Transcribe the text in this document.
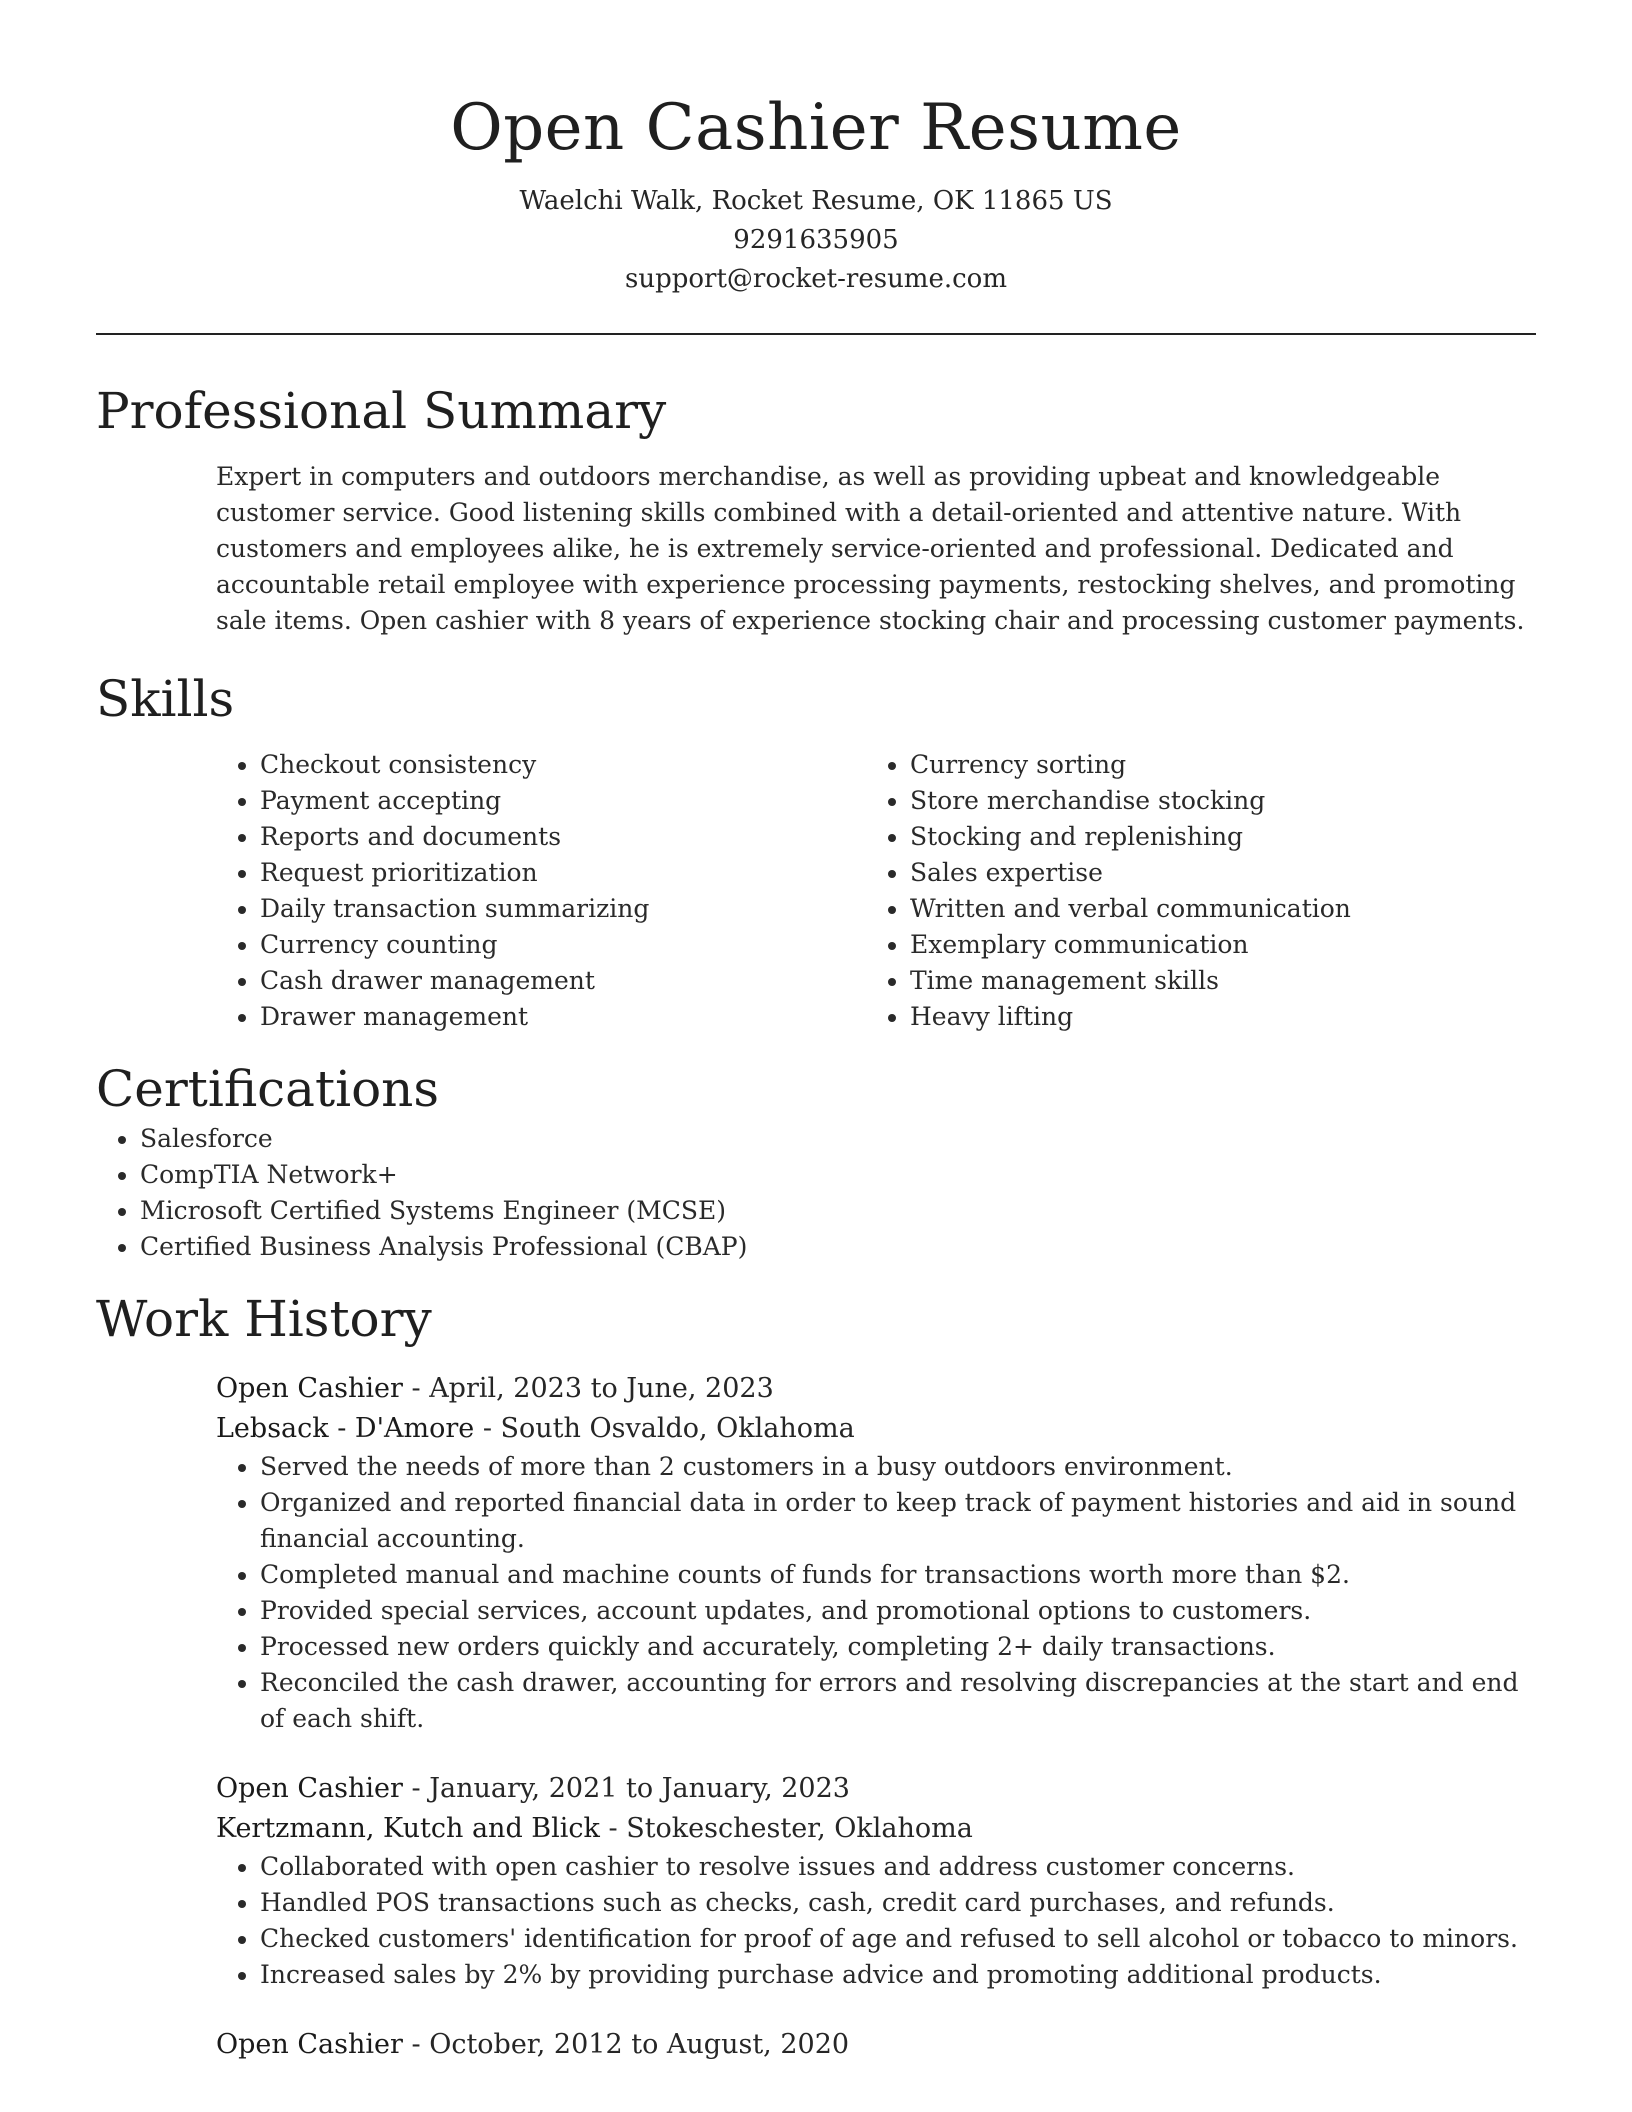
Open Cashier Resume
Waelchi Walk, Rocket Resume, OK 11865 US
9291635905
support@rocket-resume.com
Professional Summary

Expert in computers and outdoors merchandise, as well as providing upbeat and knowledgeable customer service. Good listening skills combined with a detail-oriented and attentive nature. With customers and employees alike, he is extremely service-oriented and professional. Dedicated and accountable retail employee with experience processing payments, restocking shelves, and promoting sale items. Open cashier with 8 years of experience stocking chair and processing customer payments.

Skills
• Checkout consistency
• Payment accepting
• Reports and documents
• Request prioritization
• Daily transaction summarizing
• Currency counting
• Cash drawer management
• Drawer management
• Currency sorting
• Store merchandise stocking
• Stocking and replenishing
• Sales expertise
• Written and verbal communication
• Exemplary communication
• Time management skills
• Heavy lifting
Certifications
• Salesforce
• CompTIA Network+
• Microsoft Certified Systems Engineer (MCSE)
• Certified Business Analysis Professional (CBAP)
Work History
Open Cashier - April, 2023 to June, 2023
Lebsack - D'Amore - South Osvaldo, Oklahoma
• Served the needs of more than 2 customers in a busy outdoors environment.
• Organized and reported financial data in order to keep track of payment histories and aid in sound financial accounting.
• Completed manual and machine counts of funds for transactions worth more than $2.
• Provided special services, account updates, and promotional options to customers.
• Processed new orders quickly and accurately, completing 2+ daily transactions.
• Reconciled the cash drawer, accounting for errors and resolving discrepancies at the start and end of each shift.
Open Cashier - January, 2021 to January, 2023
Kertzmann, Kutch and Blick - Stokeschester, Oklahoma
• Collaborated with open cashier to resolve issues and address customer concerns.
• Handled POS transactions such as checks, cash, credit card purchases, and refunds.
• Checked customers' identification for proof of age and refused to sell alcohol or tobacco to minors.
• Increased sales by 2% by providing purchase advice and promoting additional products.
Open Cashier - October, 2012 to August, 2020
